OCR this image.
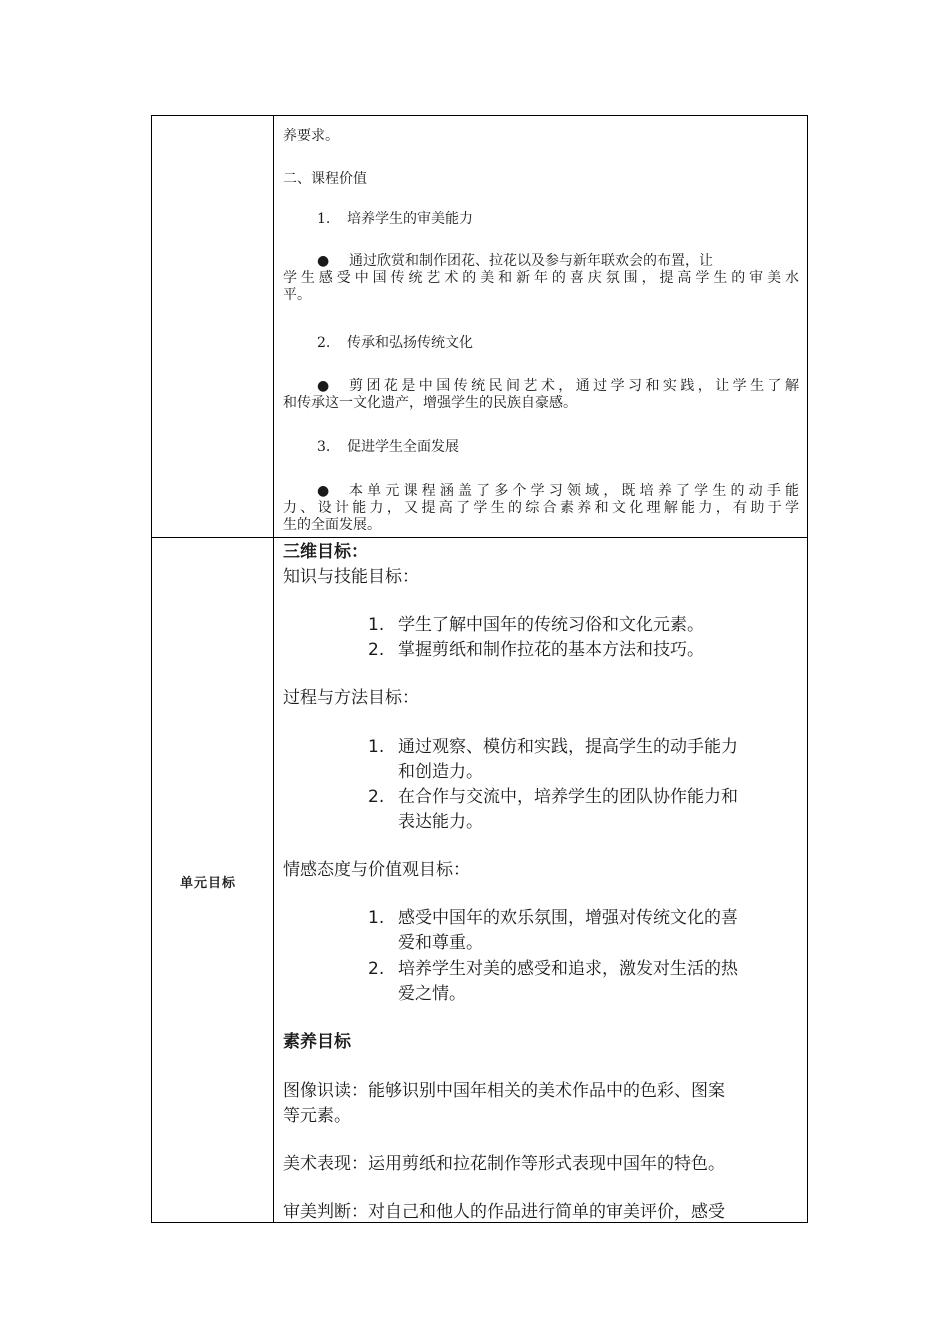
养要求。
二、课程价值
1. 培养学生的审美能力
● 通过欣赏和制作团花、拉花以及参与新年联欢会的布置，让
学生感受中国传统艺术的美和新年的喜庆氛围，提高学生的审美水
平。
2. 传承和弘扬传统文化
● 剪团花是中国传统民间艺术，通过学习和实践，让学生了解
和传承这一文化遗产，增强学生的民族自豪感。
3. 促进学生全面发展
● 本单元课程涵盖了多个学习领域，既培养了学生的动手能
力、设计能力，又提高了学生的综合素养和文化理解能力，有助于学
生的全面发展。
单元目标
三维目标：
知识与技能目标：
1. 学生了解中国年的传统习俗和文化元素。
2. 掌握剪纸和制作拉花的基本方法和技巧。
过程与方法目标：
1. 通过观察、模仿和实践，提高学生的动手能力
和创造力。
2. 在合作与交流中，培养学生的团队协作能力和
表达能力。
情感态度与价值观目标：
1. 感受中国年的欢乐氛围，增强对传统文化的喜
爱和尊重。
2. 培养学生对美的感受和追求，激发对生活的热
爱之情。
素养目标
图像识读：能够识别中国年相关的美术作品中的色彩、图案
等元素。
美术表现：运用剪纸和拉花制作等形式表现中国年的特色。
审美判断：对自己和他人的作品进行简单的审美评价，感受
